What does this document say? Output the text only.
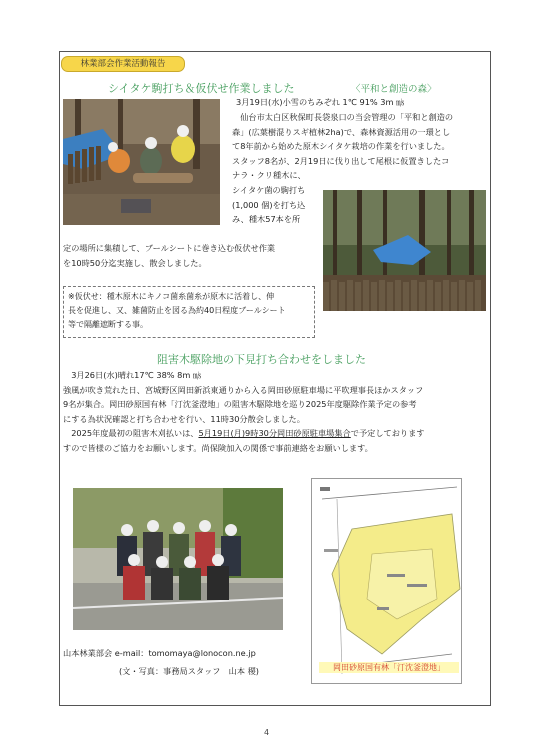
林業部会作業活動報告
シイタケ駒打ち＆仮伏せ作業しました	〈平和と創造の森〉

3月19日(水)小雪のちみぞれ 1℃ 91% 3m ㎧

　仙台市太白区秋保町長袋泉口の当会管理の「平和と創造の

森」(広葉樹混りスギ植林2ha)で、森林資源活用の一環とし

て8年前から始めた原木シイタケ栽培の作業を行いました。

スタッフ8名が、2月19日に伐り出して尾根に仮置きしたコ

ナラ・クリ種木に、

シイタケ菌の駒打ち

(1,000 個)を打ち込

み、種木57本を所

定の場所に集積して、ブールシートに巻き込む仮伏せ作業

を10時50分迄実施し、散会しました。

※仮伏せ：種木原木にキノコ菌糸菌糸が原木に活着し、伸

長を促進し、又、雑菌防止を図る為約40日程度ブールシート

等で隔離遮断する事。

阻害木駆除地の下見打ち合わせをしました

　3月26日(水)晴れ17℃ 38% 8m ㎧

強風が吹き荒れた日、宮城野区岡田新浜東通りから入る岡田砂原駐車場に平吹理事長ほかスタッフ

9名が集合。岡田砂原国有林「汀沈釜澄地」の阻害木駆除地を巡り2025年度駆除作業予定の参考

にする為状況確認と打ち合わせを行い、11時30分散会しました。

　2025年度最初の阻害木刈払いは、5月19日(月)9時30分岡田砂原駐車場集合で予定しております

すので皆様のご協力をお願いします。尚保険加入の関係で事前連絡をお願いします。

岡田砂原国有林「汀沈釜澄地」
山本林業部会 e-mail：tomomaya@lonocon.ne.jp
(文・写真：事務局スタッフ　山本 稷)
4
